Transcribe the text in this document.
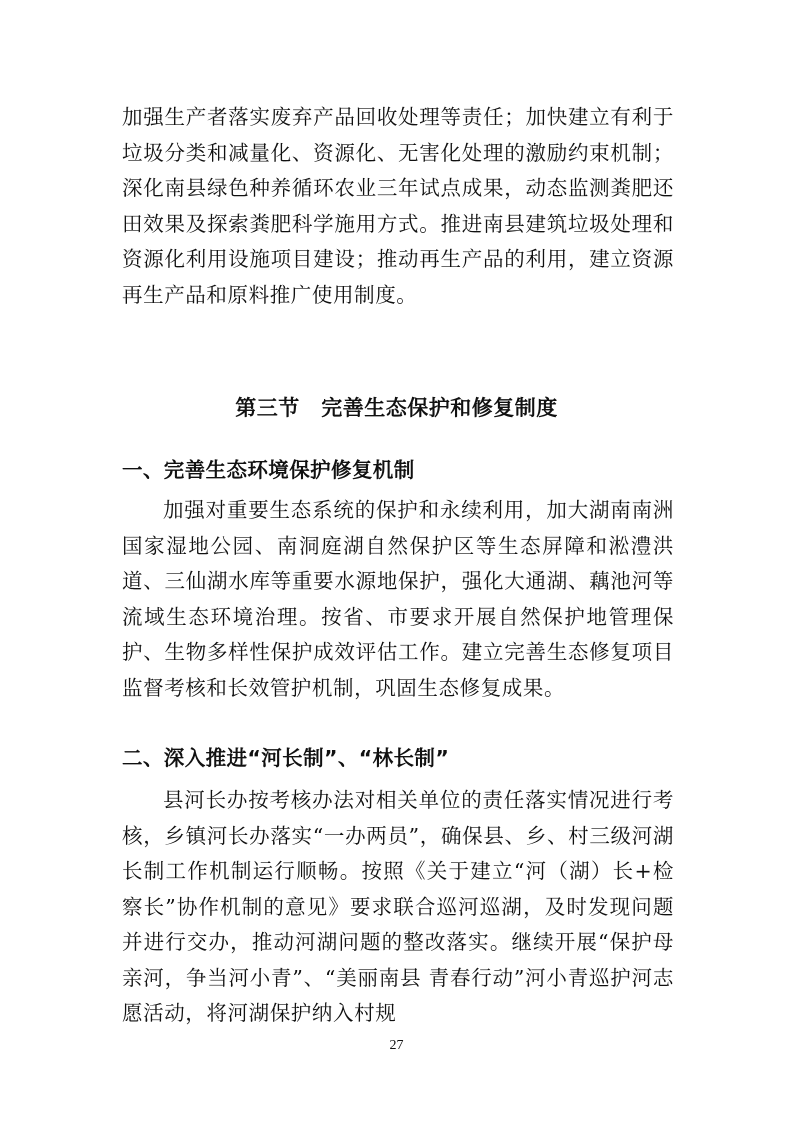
加强生产者落实废弃产品回收处理等责任；加快建立有利于垃圾分类和减量化、资源化、无害化处理的激励约束机制；深化南县绿色种养循环农业三年试点成果，动态监测粪肥还田效果及探索粪肥科学施用方式。推进南县建筑垃圾处理和资源化利用设施项目建设；推动再生产品的利用，建立资源再生产品和原料推广使用制度。

第三节　完善生态保护和修复制度
一、完善生态环境保护修复机制

加强对重要生态系统的保护和永续利用，加大湖南南洲国家湿地公园、南洞庭湖自然保护区等生态屏障和淞澧洪道、三仙湖水库等重要水源地保护，强化大通湖、藕池河等流域生态环境治理。按省、市要求开展自然保护地管理保护、生物多样性保护成效评估工作。建立完善生态修复项目监督考核和长效管护机制，巩固生态修复成果。

二、深入推进“河长制”、“林长制”

县河长办按考核办法对相关单位的责任落实情况进行考核，乡镇河长办落实“一办两员”，确保县、乡、村三级河湖长制工作机制运行顺畅。按照《关于建立“河（湖）长+检察长”协作机制的意见》要求联合巡河巡湖，及时发现问题并进行交办，推动河湖问题的整改落实。继续开展“保护母亲河，争当河小青”、“美丽南县 青春行动”河小青巡护河志愿活动，将河湖保护纳入村规

27
